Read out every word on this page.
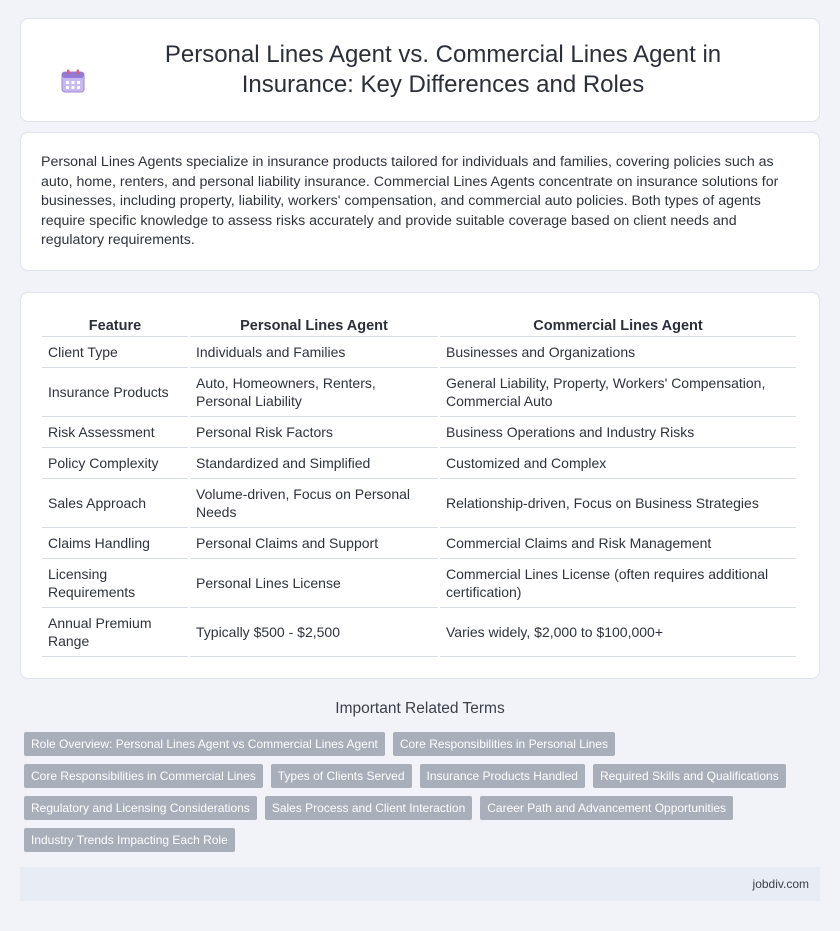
Personal Lines Agent vs. Commercial Lines Agent in Insurance: Key Differences and Roles

Personal Lines Agents specialize in insurance products tailored for individuals and families, covering policies such as auto, home, renters, and personal liability insurance. Commercial Lines Agents concentrate on insurance solutions for businesses, including property, liability, workers' compensation, and commercial auto policies. Both types of agents require specific knowledge to assess risks accurately and provide suitable coverage based on client needs and regulatory requirements.

Feature	Personal Lines Agent	Commercial Lines Agent
Client Type	Individuals and Families	Businesses and Organizations
Insurance Products	Auto, Homeowners, Renters, Personal Liability	General Liability, Property, Workers' Compensation, Commercial Auto
Risk Assessment	Personal Risk Factors	Business Operations and Industry Risks
Policy Complexity	Standardized and Simplified	Customized and Complex
Sales Approach	Volume-driven, Focus on Personal Needs	Relationship-driven, Focus on Business Strategies
Claims Handling	Personal Claims and Support	Commercial Claims and Risk Management
Licensing Requirements	Personal Lines License	Commercial Lines License (often requires additional certification)
Annual Premium Range	Typically $500 - $2,500	Varies widely, $2,000 to $100,000+
Important Related Terms
Role Overview: Personal Lines Agent vs Commercial Lines Agent	Core Responsibilities in Personal Lines
Core Responsibilities in Commercial Lines	Types of Clients Served	Insurance Products Handled	Required Skills and Qualifications
Regulatory and Licensing Considerations	Sales Process and Client Interaction	Career Path and Advancement Opportunities
Industry Trends Impacting Each Role
jobdiv.com
